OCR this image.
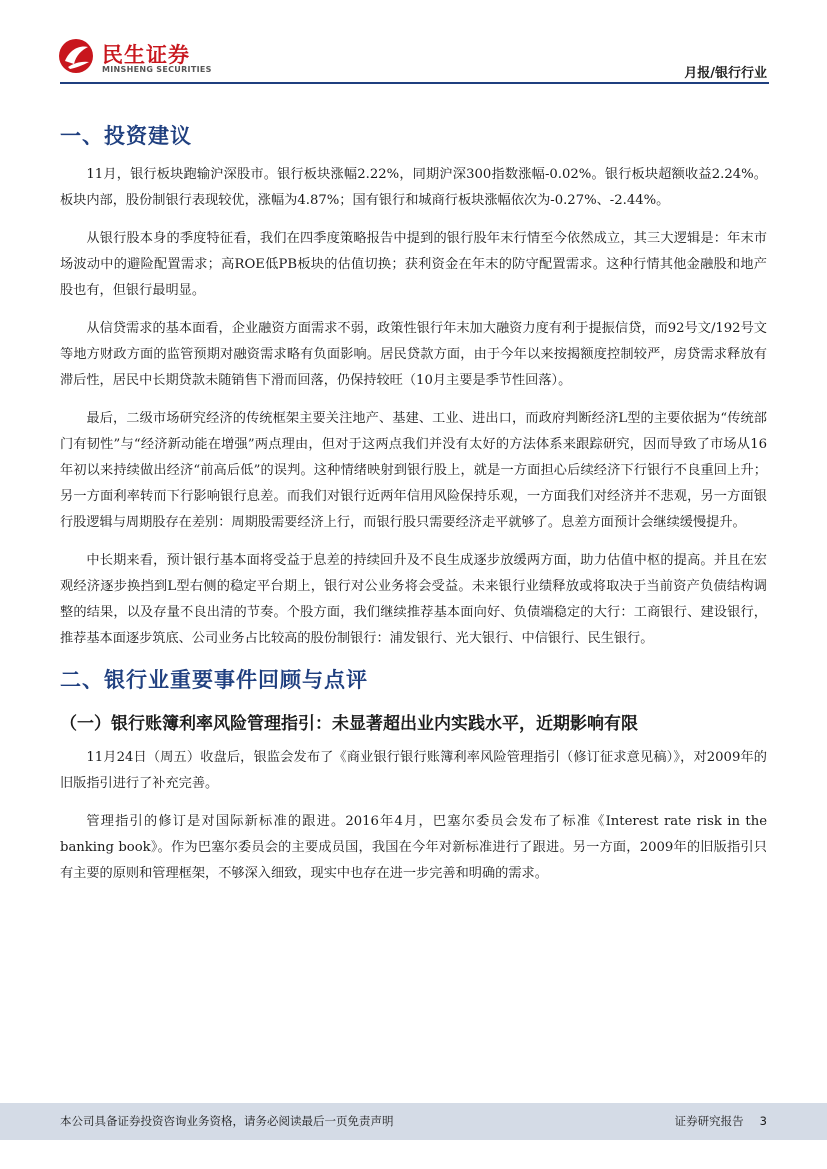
民生证券
MINSHENG SECURITIES	月报/银行行业
一、投资建议

11月，银行板块跑输沪深股市。银行板块涨幅2.22%，同期沪深300指数涨幅-0.02%。银行板块超额收益2.24%。板块内部，股份制银行表现较优，涨幅为4.87%；国有银行和城商行板块涨幅依次为-0.27%、-2.44%。

从银行股本身的季度特征看，我们在四季度策略报告中提到的银行股年末行情至今依然成立，其三大逻辑是：年末市场波动中的避险配置需求；高ROE低PB板块的估值切换；获利资金在年末的防守配置需求。这种行情其他金融股和地产股也有，但银行最明显。

从信贷需求的基本面看，企业融资方面需求不弱，政策性银行年末加大融资力度有利于提振信贷，而92号文/192号文等地方财政方面的监管预期对融资需求略有负面影响。居民贷款方面，由于今年以来按揭额度控制较严，房贷需求释放有滞后性，居民中长期贷款未随销售下滑而回落，仍保持较旺（10月主要是季节性回落）。

最后，二级市场研究经济的传统框架主要关注地产、基建、工业、进出口，而政府判断经济L型的主要依据为“传统部门有韧性”与“经济新动能在增强”两点理由，但对于这两点我们并没有太好的方法体系来跟踪研究，因而导致了市场从16年初以来持续做出经济“前高后低”的误判。这种情绪映射到银行股上，就是一方面担心后续经济下行银行不良重回上升；另一方面利率转而下行影响银行息差。而我们对银行近两年信用风险保持乐观，一方面我们对经济并不悲观，另一方面银行股逻辑与周期股存在差别：周期股需要经济上行，而银行股只需要经济走平就够了。息差方面预计会继续缓慢提升。

中长期来看，预计银行基本面将受益于息差的持续回升及不良生成逐步放缓两方面，助力估值中枢的提高。并且在宏观经济逐步换挡到L型右侧的稳定平台期上，银行对公业务将会受益。未来银行业绩释放或将取决于当前资产负债结构调整的结果，以及存量不良出清的节奏。个股方面，我们继续推荐基本面向好、负债端稳定的大行：工商银行、建设银行，推荐基本面逐步筑底、公司业务占比较高的股份制银行：浦发银行、光大银行、中信银行、民生银行。

二、银行业重要事件回顾与点评
（一）银行账簿利率风险管理指引：未显著超出业内实践水平，近期影响有限

11月24日（周五）收盘后，银监会发布了《商业银行银行账簿利率风险管理指引（修订征求意见稿）》，对2009年的旧版指引进行了补充完善。

管理指引的修订是对国际新标准的跟进。2016年4月，巴塞尔委员会发布了标准《Interest rate risk in the banking book》。作为巴塞尔委员会的主要成员国，我国在今年对新标准进行了跟进。另一方面，2009年的旧版指引只有主要的原则和管理框架，不够深入细致，现实中也存在进一步完善和明确的需求。

本公司具备证券投资咨询业务资格，请务必阅读最后一页免责声明	证券研究报告 3
